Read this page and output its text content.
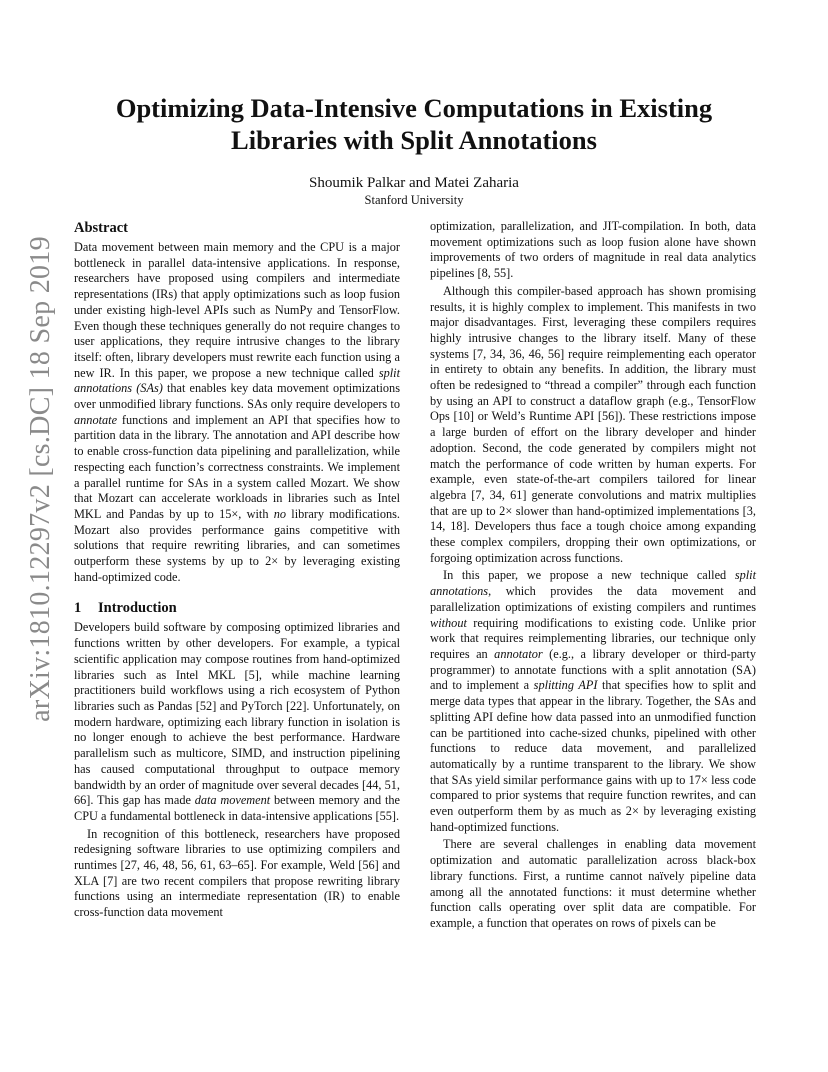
Optimizing Data-Intensive Computations in Existing
Libraries with Split Annotations
Shoumik Palkar and Matei Zaharia
Stanford University
arXiv:1810.12297v2 [cs.DC] 18 Sep 2019
Abstract

Data movement between main memory and the CPU is a major bottleneck in parallel data-intensive applications. In response, researchers have proposed using compilers and intermediate representations (IRs) that apply optimizations such as loop fusion under existing high-level APIs such as NumPy and TensorFlow. Even though these techniques generally do not require changes to user applications, they require intrusive changes to the library itself: often, library developers must rewrite each function using a new IR. In this paper, we propose a new technique called split annotations (SAs) that enables key data movement optimizations over unmodified library functions. SAs only require developers to annotate functions and implement an API that specifies how to partition data in the library. The annotation and API describe how to enable cross-function data pipelining and parallelization, while respecting each function’s correctness constraints. We implement a parallel runtime for SAs in a system called Mozart. We show that Mozart can accelerate workloads in libraries such as Intel MKL and Pandas by up to 15×, with no library modifications. Mozart also provides performance gains competitive with solutions that require rewriting libraries, and can sometimes outperform these systems by up to 2× by leveraging existing hand-optimized code.

1 Introduction

Developers build software by composing optimized libraries and functions written by other developers. For example, a typical scientific application may compose routines from hand-optimized libraries such as Intel MKL [5], while machine learning practitioners build workflows using a rich ecosystem of Python libraries such as Pandas [52] and PyTorch [22]. Unfortunately, on modern hardware, optimizing each library function in isolation is no longer enough to achieve the best performance. Hardware parallelism such as multicore, SIMD, and instruction pipelining has caused computational throughput to outpace memory bandwidth by an order of magnitude over several decades [44, 51, 66]. This gap has made data movement between memory and the CPU a fundamental bottleneck in data-intensive applications [55].

In recognition of this bottleneck, researchers have proposed redesigning software libraries to use optimizing compilers and runtimes [27, 46, 48, 56, 61, 63–65]. For example, Weld [56] and XLA [7] are two recent compilers that propose rewriting library functions using an intermediate representation (IR) to enable cross-function data movement

optimization, parallelization, and JIT-compilation. In both, data movement optimizations such as loop fusion alone have shown improvements of two orders of magnitude in real data analytics pipelines [8, 55].

Although this compiler-based approach has shown promising results, it is highly complex to implement. This manifests in two major disadvantages. First, leveraging these compilers requires highly intrusive changes to the library itself. Many of these systems [7, 34, 36, 46, 56] require reimplementing each operator in entirety to obtain any benefits. In addition, the library must often be redesigned to “thread a compiler” through each function by using an API to construct a dataflow graph (e.g., TensorFlow Ops [10] or Weld’s Runtime API [56]). These restrictions impose a large burden of effort on the library developer and hinder adoption. Second, the code generated by compilers might not match the performance of code written by human experts. For example, even state-of-the-art compilers tailored for linear algebra [7, 34, 61] generate convolutions and matrix multiplies that are up to 2× slower than hand-optimized implementations [3, 14, 18]. Developers thus face a tough choice among expanding these complex compilers, dropping their own optimizations, or forgoing optimization across functions.

In this paper, we propose a new technique called split annotations, which provides the data movement and parallelization optimizations of existing compilers and runtimes without requiring modifications to existing code. Unlike prior work that requires reimplementing libraries, our technique only requires an annotator (e.g., a library developer or third-party programmer) to annotate functions with a split annotation (SA) and to implement a splitting API that specifies how to split and merge data types that appear in the library. Together, the SAs and splitting API define how data passed into an unmodified function can be partitioned into cache-sized chunks, pipelined with other functions to reduce data movement, and parallelized automatically by a runtime transparent to the library. We show that SAs yield similar performance gains with up to 17× less code compared to prior systems that require function rewrites, and can even outperform them by as much as 2× by leveraging existing hand-optimized functions.

There are several challenges in enabling data movement optimization and automatic parallelization across black-box library functions. First, a runtime cannot naïvely pipeline data among all the annotated functions: it must determine whether function calls operating over split data are compatible. For example, a function that operates on rows of pixels can be
